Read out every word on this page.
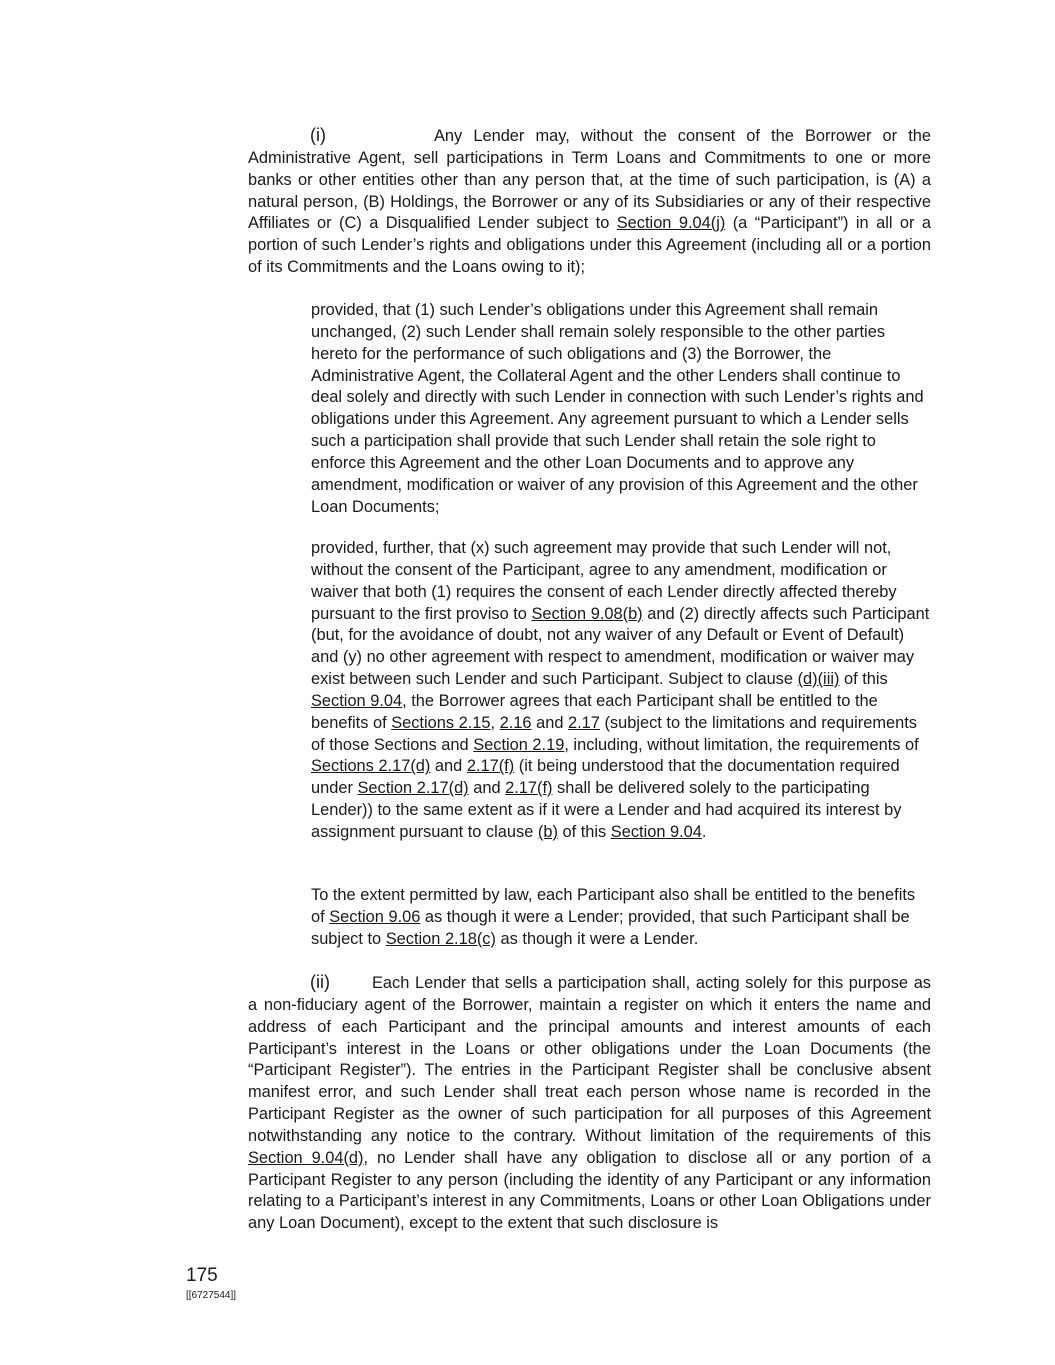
(i)	Any Lender may, without the consent of the Borrower or the Administrative Agent, sell participations in Term Loans and Commitments to one or more banks or other entities other than any person that, at the time of such participation, is (A) a natural person, (B) Holdings, the Borrower or any of its Subsidiaries or any of their respective Affiliates or (C) a Disqualified Lender subject to Section 9.04(j) (a “Participant”) in all or a portion of such Lender’s rights and obligations under this Agreement (including all or a portion of its Commitments and the Loans owing to it);

provided, that (1) such Lender’s obligations under this Agreement shall remain unchanged, (2) such Lender shall remain solely responsible to the other parties hereto for the performance of such obligations and (3) the Borrower, the Administrative Agent, the Collateral Agent and the other Lenders shall continue to deal solely and directly with such Lender in connection with such Lender’s rights and obligations under this Agreement. Any agreement pursuant to which a Lender sells such a participation shall provide that such Lender shall retain the sole right to enforce this Agreement and the other Loan Documents and to approve any amendment, modification or waiver of any provision of this Agreement and the other Loan Documents;

provided, further, that (x) such agreement may provide that such Lender will not, without the consent of the Participant, agree to any amendment, modification or waiver that both (1) requires the consent of each Lender directly affected thereby pursuant to the first proviso to Section 9.08(b) and (2) directly affects such Participant (but, for the avoidance of doubt, not any waiver of any Default or Event of Default) and (y) no other agreement with respect to amendment, modification or waiver may exist between such Lender and such Participant. Subject to clause (d)(iii) of this Section 9.04, the Borrower agrees that each Participant shall be entitled to the benefits of Sections 2.15, 2.16 and 2.17 (subject to the limitations and requirements of those Sections and Section 2.19, including, without limitation, the requirements of Sections 2.17(d) and 2.17(f) (it being understood that the documentation required under Section 2.17(d) and 2.17(f) shall be delivered solely to the participating Lender)) to the same extent as if it were a Lender and had acquired its interest by assignment pursuant to clause (b) of this Section 9.04.

To the extent permitted by law, each Participant also shall be entitled to the benefits of Section 9.06 as though it were a Lender; provided, that such Participant shall be subject to Section 2.18(c) as though it were a Lender.

(ii)	Each Lender that sells a participation shall, acting solely for this purpose as a non-fiduciary agent of the Borrower, maintain a register on which it enters the name and address of each Participant and the principal amounts and interest amounts of each Participant’s interest in the Loans or other obligations under the Loan Documents (the “Participant Register”). The entries in the Participant Register shall be conclusive absent manifest error, and such Lender shall treat each person whose name is recorded in the Participant Register as the owner of such participation for all purposes of this Agreement notwithstanding any notice to the contrary. Without limitation of the requirements of this Section 9.04(d), no Lender shall have any obligation to disclose all or any portion of a Participant Register to any person (including the identity of any Participant or any information relating to a Participant’s interest in any Commitments, Loans or other Loan Obligations under any Loan Document), except to the extent that such disclosure is

175
[[6727544]]
